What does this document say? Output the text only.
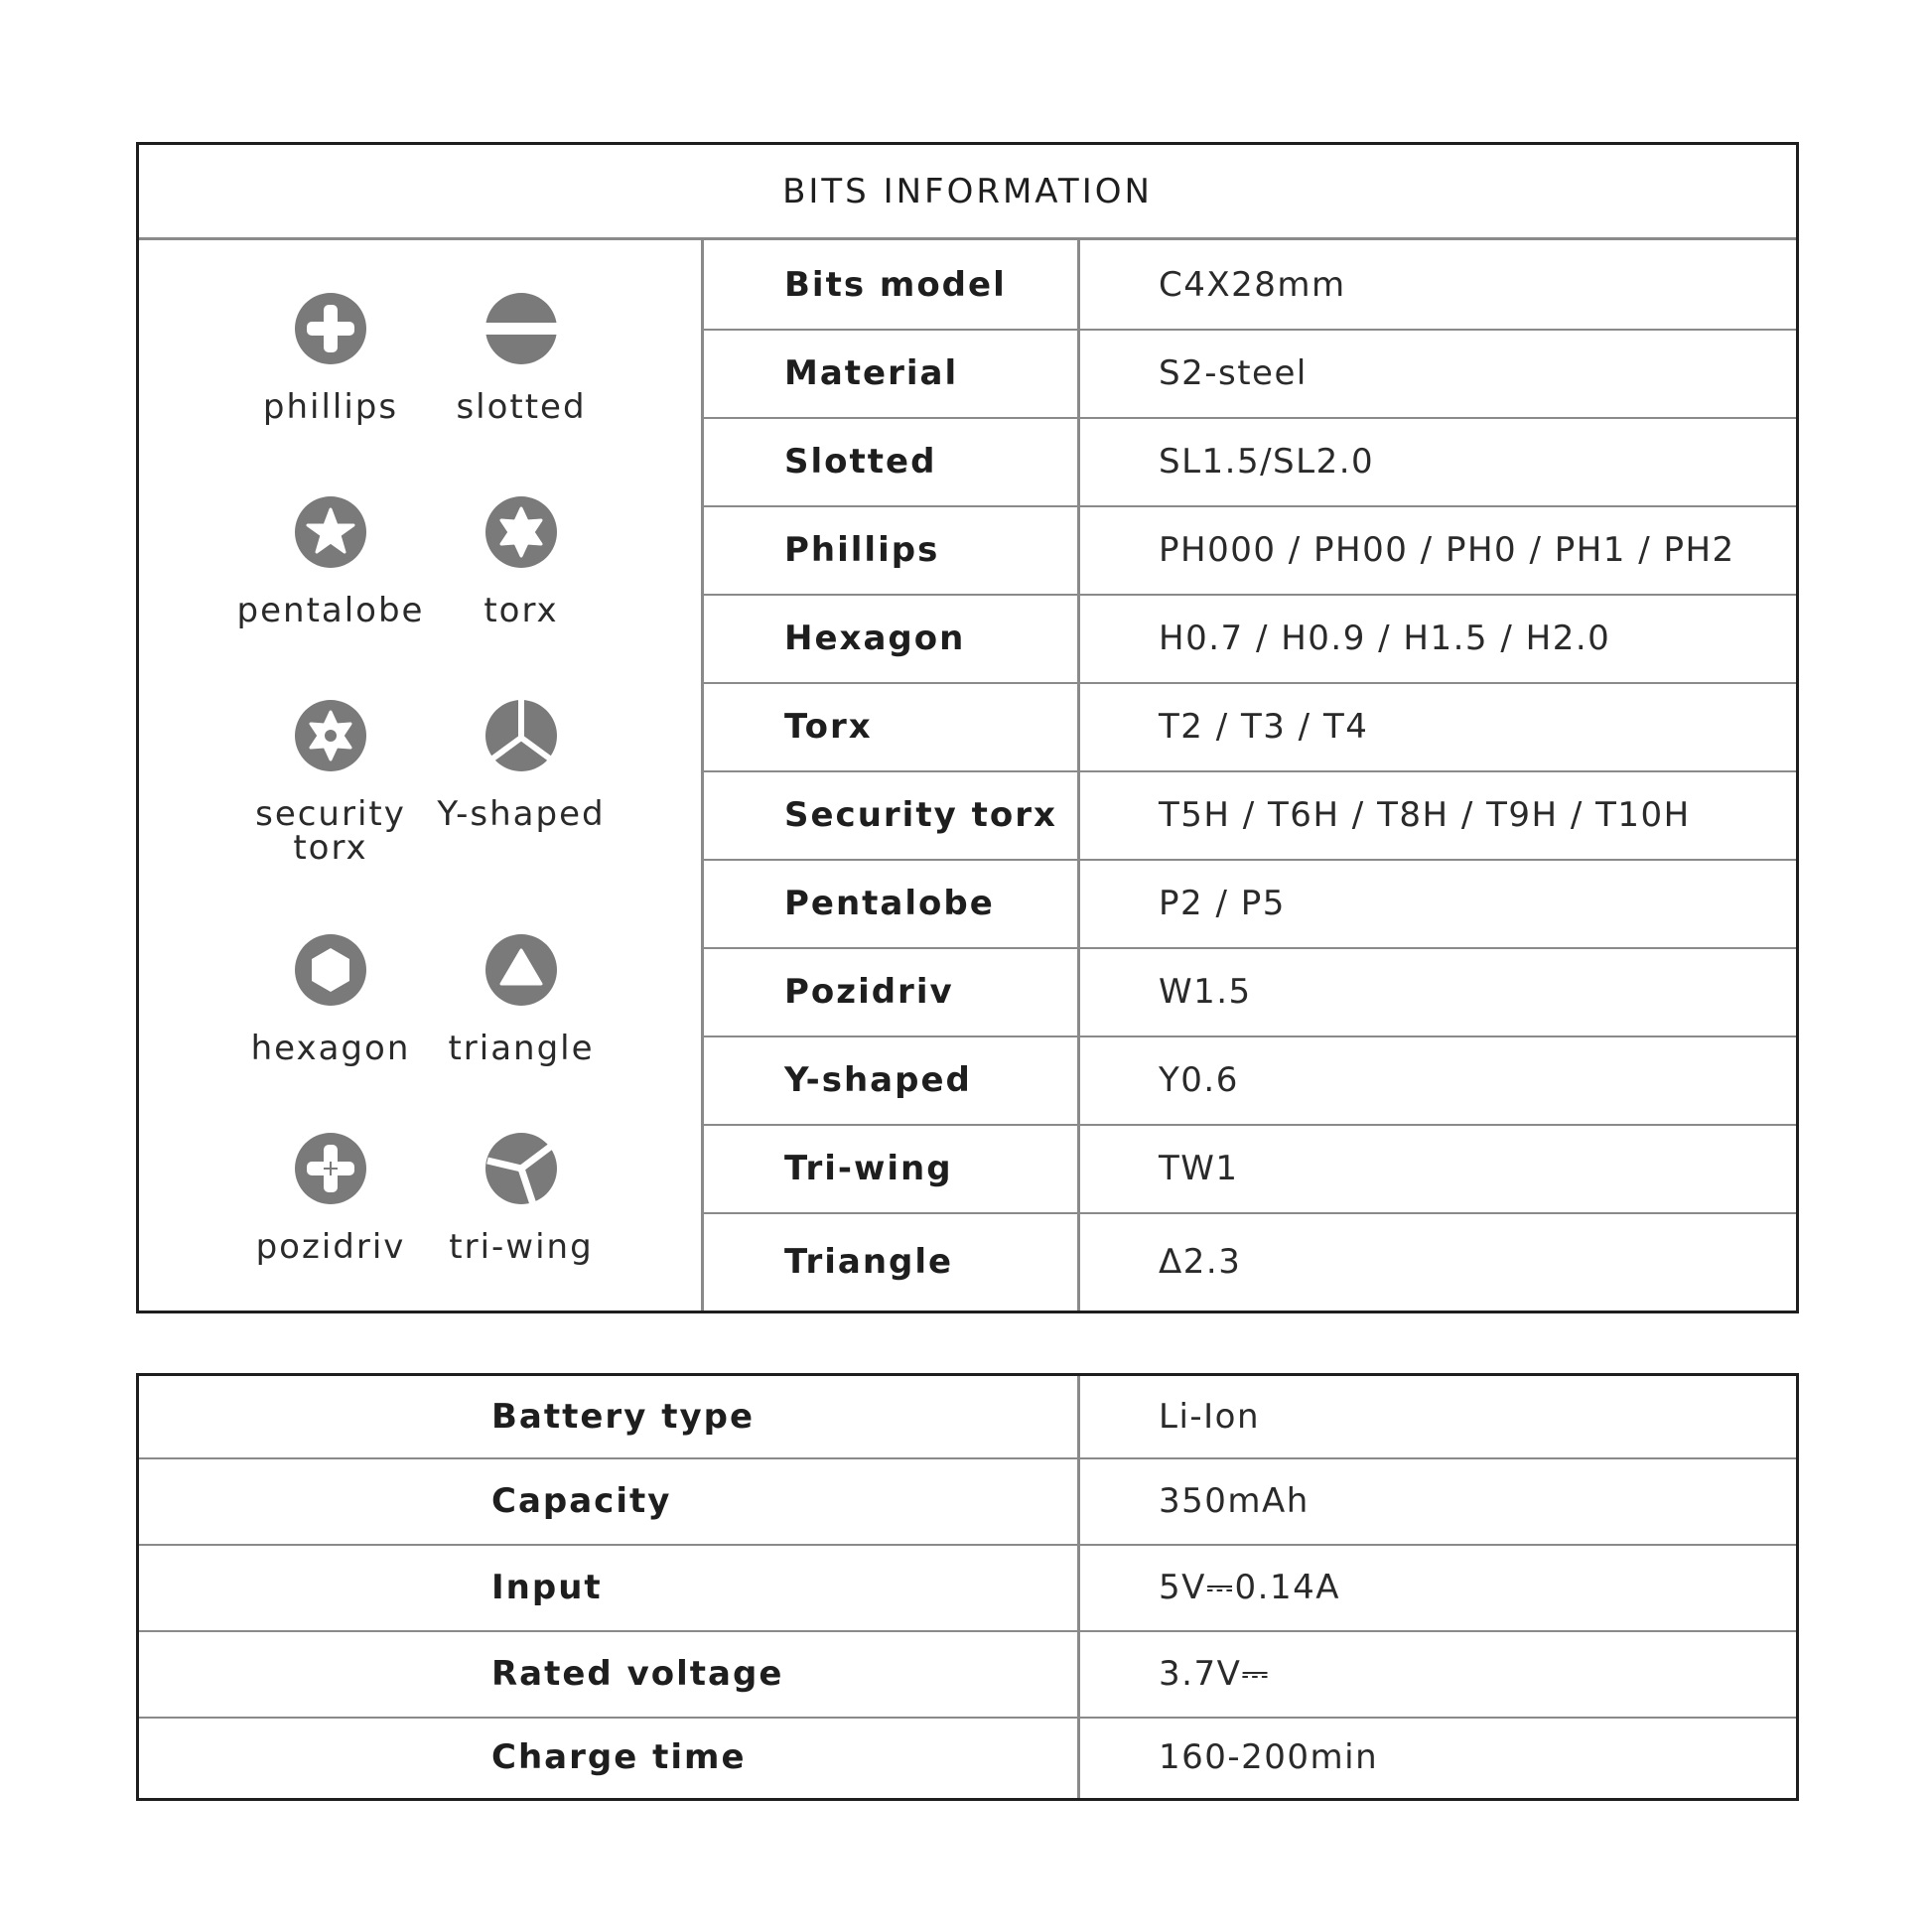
BITS INFORMATION
phillips	slotted
pentalobe	torx
security torx
Y-shaped
hexagon	triangle
pozidriv	tri-wing
Bits model	C4X28mm
Material	S2-steel
Slotted	SL1.5/SL2.0
Phillips	PH000 / PH00 / PH0 / PH1 / PH2
Hexagon	H0.7 / H0.9 / H1.5 / H2.0
Torx	T2 / T3 / T4
Security torx	T5H / T6H / T8H / T9H / T10H
Pentalobe	P2 / P5
Pozidriv	W1.5
Y-shaped	Y0.6
Tri-wing	TW1
Triangle	Δ2.3
Battery type	Li-Ion
Capacity	350mAh
Input	5V⎓0.14A
Rated voltage	3.7V⎓
Charge time	160-200min
